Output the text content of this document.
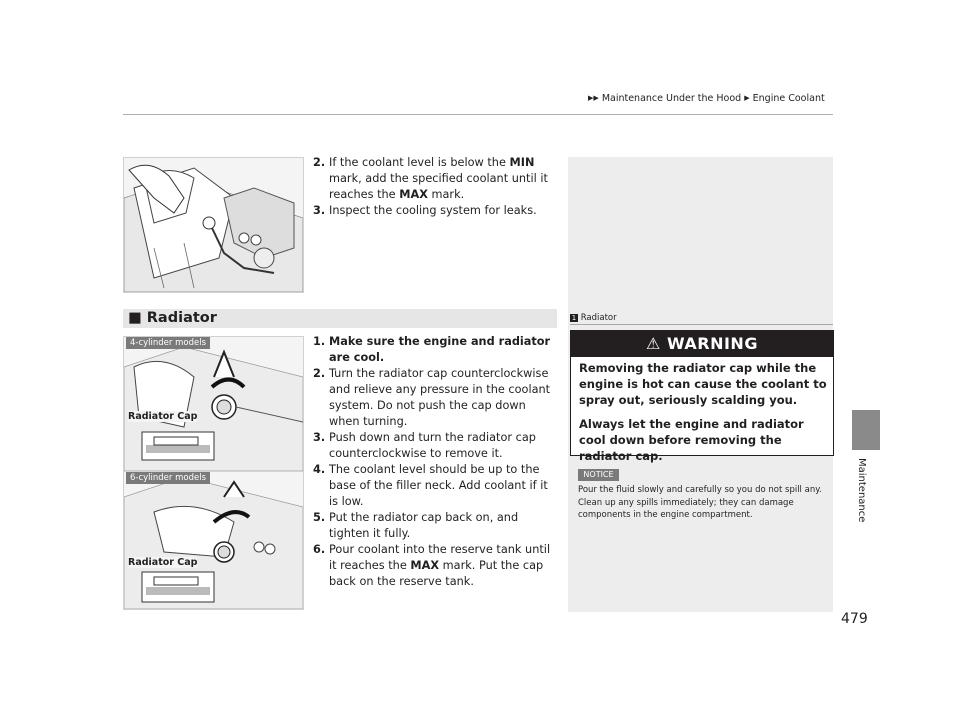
▶▶ Maintenance Under the Hood ▶ Engine Coolant
Maintenance
2. If the coolant level is below the MIN mark, add the specified coolant until it reaches the MAX mark.
3. Inspect the cooling system for leaks.
■ Radiator
4-cylinder models
6-cylinder models
Radiator Cap
Radiator Cap
1. Make sure the engine and radiator are cool.
2. Turn the radiator cap counterclockwise and relieve any pressure in the coolant system. Do not push the cap down when turning.
3. Push down and turn the radiator cap counterclockwise to remove it.
4. The coolant level should be up to the base of the filler neck. Add coolant if it is low.
5. Put the radiator cap back on, and tighten it fully.
6. Pour coolant into the reserve tank until it reaches the MAX mark. Put the cap back on the reserve tank.
1 Radiator
⚠ WARNING
Removing the radiator cap while the engine is hot can cause the coolant to spray out, seriously scalding you.
Always let the engine and radiator cool down before removing the radiator cap.
NOTICE
Pour the fluid slowly and carefully so you do not spill any. Clean up any spills immediately; they can damage components in the engine compartment.
479
